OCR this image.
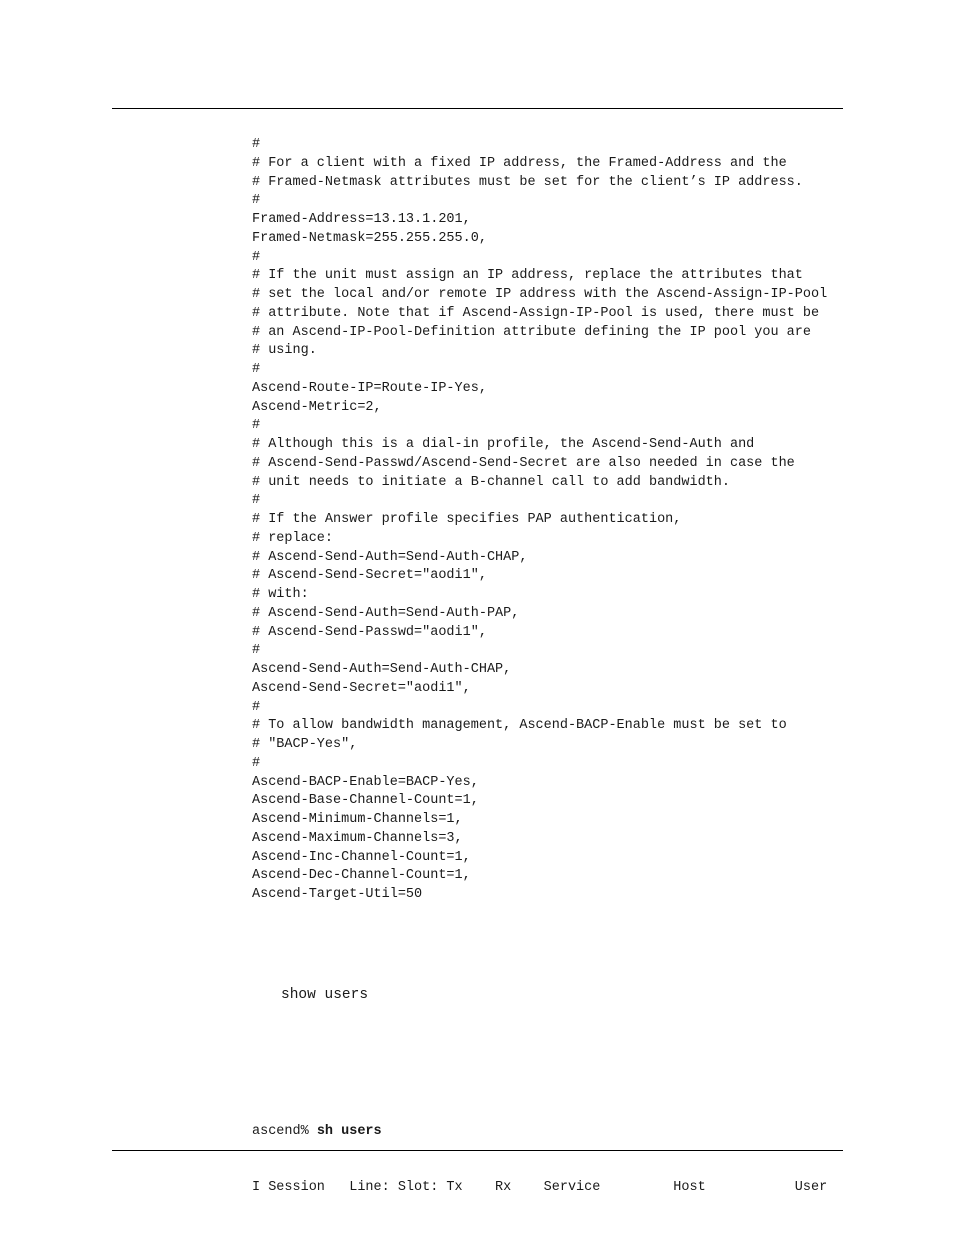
#
# For a client with a fixed IP address, the Framed-Address and the
# Framed-Netmask attributes must be set for the client’s IP address.
#
Framed-Address=13.13.1.201,
Framed-Netmask=255.255.255.0,
#
# If the unit must assign an IP address, replace the attributes that
# set the local and/or remote IP address with the Ascend-Assign-IP-Pool
# attribute. Note that if Ascend-Assign-IP-Pool is used, there must be
# an Ascend-IP-Pool-Definition attribute defining the IP pool you are
# using.
#
Ascend-Route-IP=Route-IP-Yes,
Ascend-Metric=2,
#
# Although this is a dial-in profile, the Ascend-Send-Auth and
# Ascend-Send-Passwd/Ascend-Send-Secret are also needed in case the
# unit needs to initiate a B-channel call to add bandwidth.
#
# If the Answer profile specifies PAP authentication,
# replace:
# Ascend-Send-Auth=Send-Auth-CHAP,
# Ascend-Send-Secret="aodi1",
# with:
# Ascend-Send-Auth=Send-Auth-PAP,
# Ascend-Send-Passwd="aodi1",
#
Ascend-Send-Auth=Send-Auth-CHAP,
Ascend-Send-Secret="aodi1",
#
# To allow bandwidth management, Ascend-BACP-Enable must be set to
# "BACP-Yes",
#
Ascend-BACP-Enable=BACP-Yes,
Ascend-Base-Channel-Count=1,
Ascend-Minimum-Channels=1,
Ascend-Maximum-Channels=3,
Ascend-Inc-Channel-Count=1,
Ascend-Dec-Channel-Count=1,
Ascend-Target-Util=50
show users

ascend% sh users

I Session   Line: Slot: Tx    Rx    Service         Host           User
